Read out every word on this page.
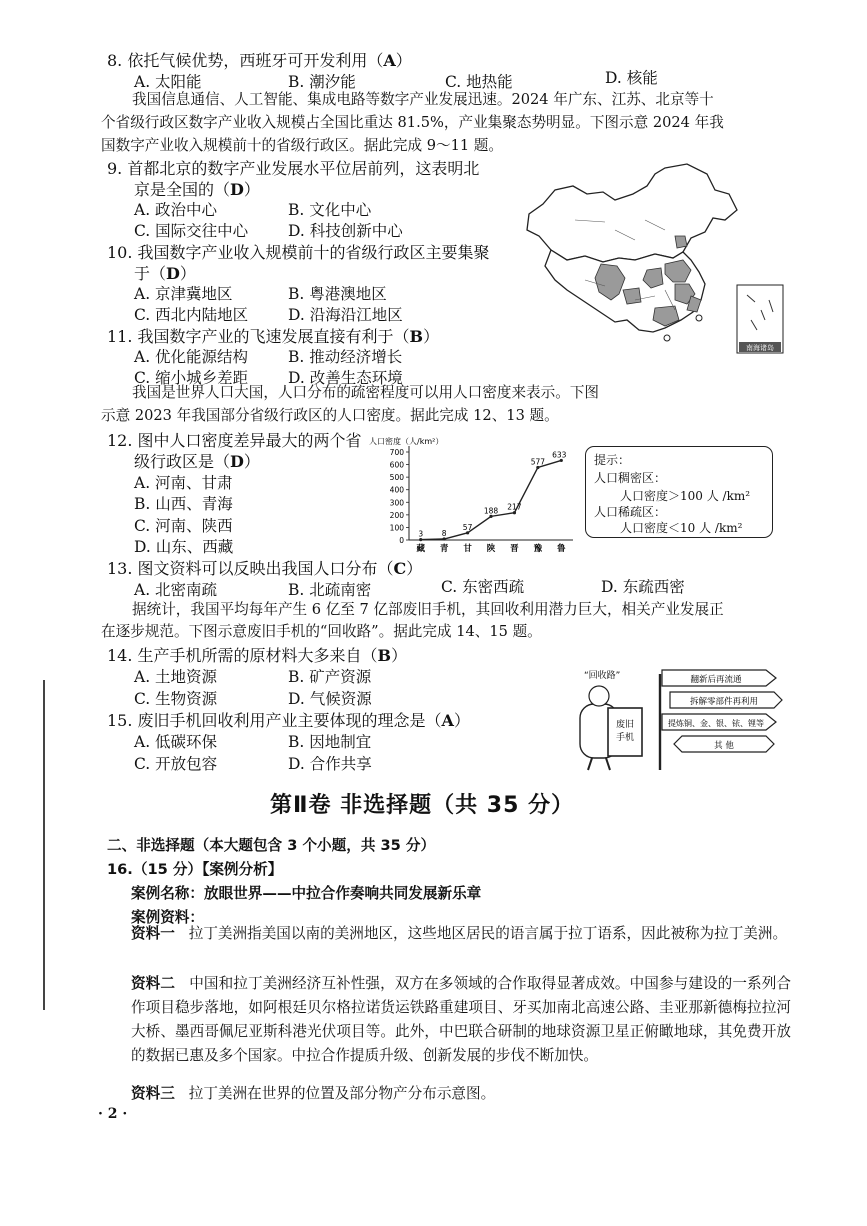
8. 依托气候优势，西班牙可开发利用（A）
A. 太阳能	B. 潮汐能	C. 地热能	D. 核能
我国信息通信、人工智能、集成电路等数字产业发展迅速。2024 年广东、江苏、北京等十
个省级行政区数字产业收入规模占全国比重达 81.5%，产业集聚态势明显。下图示意 2024 年我
国数字产业收入规模前十的省级行政区。据此完成 9～11 题。
9. 首都北京的数字产业发展水平位居前列，这表明北
京是全国的（D）
A. 政治中心	B. 文化中心
C. 国际交往中心	D. 科技创新中心
10. 我国数字产业收入规模前十的省级行政区主要集聚
于（D）
A. 京津冀地区	B. 粤港澳地区
C. 西北内陆地区	D. 沿海沿江地区
11. 我国数字产业的飞速发展直接有利于（B）
A. 优化能源结构	B. 推动经济增长
C. 缩小城乡差距	D. 改善生态环境
南海诸岛
我国是世界人口大国，人口分布的疏密程度可以用人口密度来表示。下图
示意 2023 年我国部分省级行政区的人口密度。据此完成 12、13 题。
12. 图中人口密度差异最大的两个省
级行政区是（D）
A. 河南、甘肃
B. 山西、青海
C. 河南、陕西
D. 山东、西藏
人口密度（人/km²）
0
100
200
300
400
500
600
700
藏 青 甘 陕 晋 豫 鲁
3 8
57
188 217
577
633 提示：
人口稠密区：
人口密度＞100 人 /km²
人口稀疏区：
人口密度＜10 人 /km²
13. 图文资料可以反映出我国人口分布（C）
A. 北密南疏	B. 北疏南密	C. 东密西疏	D. 东疏西密
据统计，我国平均每年产生 6 亿至 7 亿部废旧手机，其回收利用潜力巨大，相关产业发展正
在逐步规范。下图示意废旧手机的“回收路”。据此完成 14、15 题。
14. 生产手机所需的原材料大多来自（B）
A. 土地资源	B. 矿产资源
C. 生物资源	D. 气候资源
15. 废旧手机回收利用产业主要体现的理念是（A）
A. 低碳环保	B. 因地制宜
C. 开放包容	D. 合作共享
“回收路”
废旧
手机
翻新后再流通
拆解零部件再利用
提炼铜、金、银、铱、锂等
其 他
第Ⅱ卷 非选择题（共 35 分）
二、非选择题（本大题包含 3 个小题，共 35 分）
16.（15 分）【案例分析】
案例名称：放眼世界——中拉合作奏响共同发展新乐章
案例资料：
资料一 拉丁美洲指美国以南的美洲地区，这些地区居民的语言属于拉丁语系，因此被称为拉丁美洲。
资料二 中国和拉丁美洲经济互补性强，双方在多领域的合作取得显著成效。中国参与建设的一系列合作项目稳步落地，如阿根廷贝尔格拉诺货运铁路重建项目、牙买加南北高速公路、圭亚那新德梅拉拉河大桥、墨西哥佩尼亚斯科港光伏项目等。此外，中巴联合研制的地球资源卫星正俯瞰地球，其免费开放的数据已惠及多个国家。中拉合作提质升级、创新发展的步伐不断加快。
资料三 拉丁美洲在世界的位置及部分物产分布示意图。
· 2 ·
